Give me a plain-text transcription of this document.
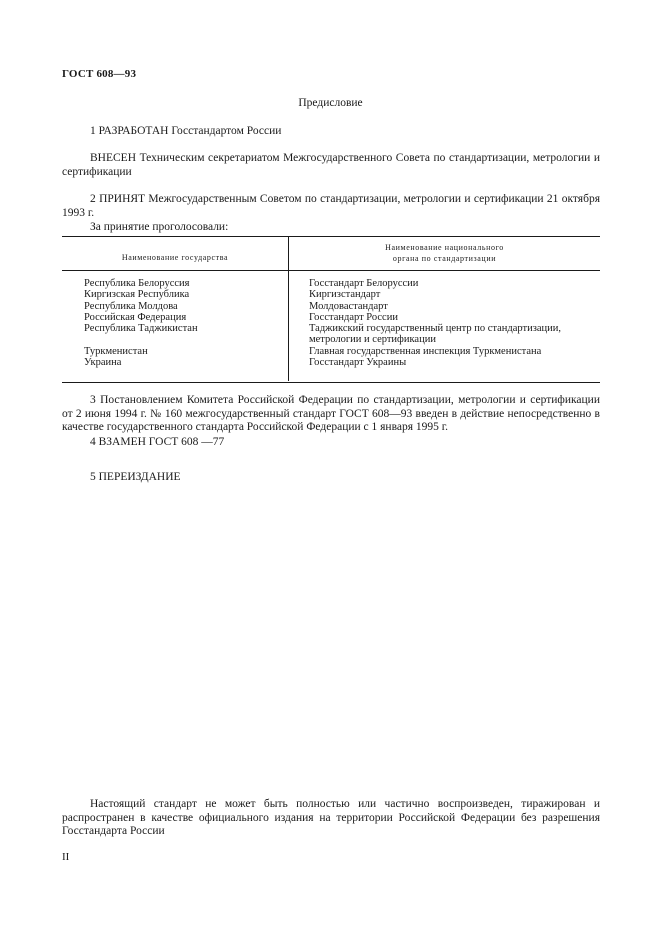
ГОСТ 608—93
Предисловие
1 РАЗРАБОТАН Госстандартом России
ВНЕСЕН Техническим секретариатом Межгосударственного Совета по стандартизации, метрологии и сертификации
2 ПРИНЯТ Межгосударственным Советом по стандартизации, метрологии и сертификации 21 октября 1993 г.
За принятие проголосовали:
Наименование государства
Наименование национального
органа по стандартизации
Республика Белоруссия
Киргизская Республика
Республика Молдова
Российская Федерация
Республика Таджикистан
Туркменистан
Украина
Госстандарт Белоруссии
Киргизстандарт
Молдовастандарт
Госстандарт России
Таджикский государственный центр по стандартизации,
метрологии и сертификации
Главная государственная инспекция Туркменистана
Госстандарт Украины
3 Постановлением Комитета Российской Федерации по стандартизации, метрологии и сертификации от 2 июня 1994 г. № 160 межгосударственный стандарт ГОСТ 608—93 введен в действие непосредственно в качестве государственного стандарта Российской Федерации с 1 января 1995 г.
4 ВЗАМЕН ГОСТ 608 —77
5 ПЕРЕИЗДАНИЕ
Настоящий стандарт не может быть полностью или частично воспроизведен, тиражирован и распространен в качестве официального издания на территории Российской Федерации без разрешения Госстандарта России
II
